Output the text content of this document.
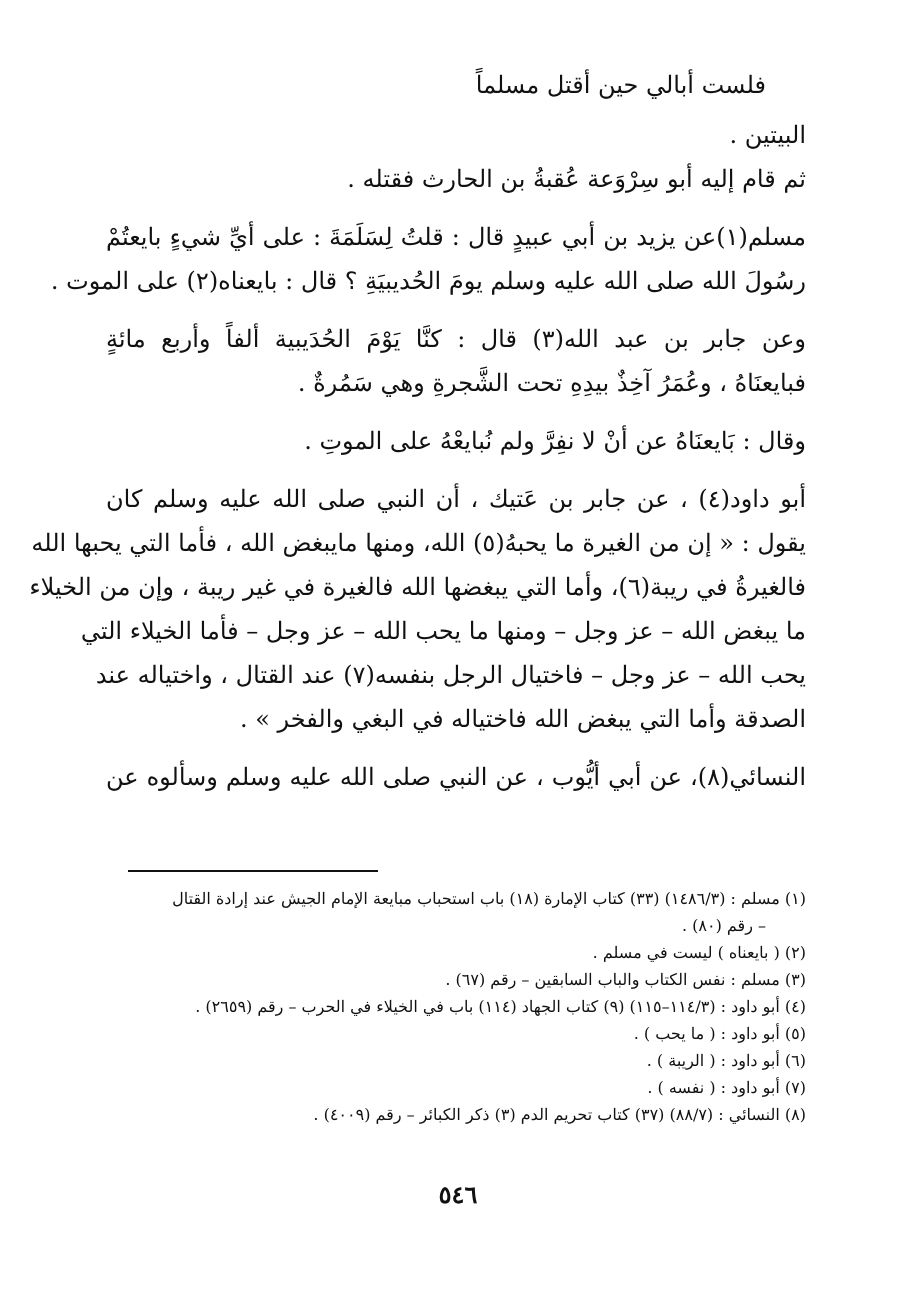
فلست أبالي حين أقتل مسلماً

البيتين .

ثم قام إليه أبو سِرْوَعة عُقبةُ بن الحارث فقتله .

مسلم(١)عن يزيد بن أبي عبيدٍ قال : قلتُ لِسَلَمَةَ : على أيِّ شيءٍ بايعتُمْ

رسُولَ الله صلى الله عليه وسلم يومَ الحُديبيَةِ ؟ قال : بايعناه(٢) على الموت .

وعن جابر بن عبد الله(٣) قال : كنَّا يَوْمَ الحُدَيبية ألفاً وأربع مائةٍ

فبايعنَاهُ ، وعُمَرُ آخِذٌ بيدِهِ تحت الشَّجرةِ وهي سَمُرةٌ .

وقال : بَايعنَاهُ عن أنْ لا نفِرَّ ولم نُبايعْهُ على الموتِ .

أبو داود(٤) ، عن جابر بن عَتيك ، أن النبي صلى الله عليه وسلم كان

يقول : « إن من الغيرة ما يحبهُ(٥) الله، ومنها مايبغض الله ، فأما التي يحبها الله

فالغيرةُ في ريبة(٦)، وأما التي يبغضها الله فالغيرة في غير ريبة ، وإن من الخيلاء

ما يبغض الله – عز وجل – ومنها ما يحب الله – عز وجل – فأما الخيلاء التي

يحب الله – عز وجل – فاختيال الرجل بنفسه(٧) عند القتال ، واختياله عند

الصدقة وأما التي يبغض الله فاختياله في البغي والفخر » .

النسائي(٨)، عن أبي أيُّوب ، عن النبي صلى الله عليه وسلم وسألوه عن

(١) مسلم : (١٤٨٦/٣) (٣٣) كتاب الإمارة (١٨) باب استحباب مبايعة الإمام الجيش عند إرادة القتال

– رقم (٨٠) .

(٢) ( بايعناه ) ليست في مسلم .

(٣) مسلم : نفس الكتاب والباب السابقين – رقم (٦٧) .

(٤) أبو داود : (١١٤/٣–١١٥) (٩) كتاب الجهاد (١١٤) باب في الخيلاء في الحرب – رقم (٢٦٥٩) .

(٥) أبو داود : ( ما يحب ) .

(٦) أبو داود : ( الريبة ) .

(٧) أبو داود : ( نفسه ) .

(٨) النسائي : (٨٨/٧) (٣٧) كتاب تحريم الدم (٣) ذكر الكبائر – رقم (٤٠٠٩) .

٥٤٦
